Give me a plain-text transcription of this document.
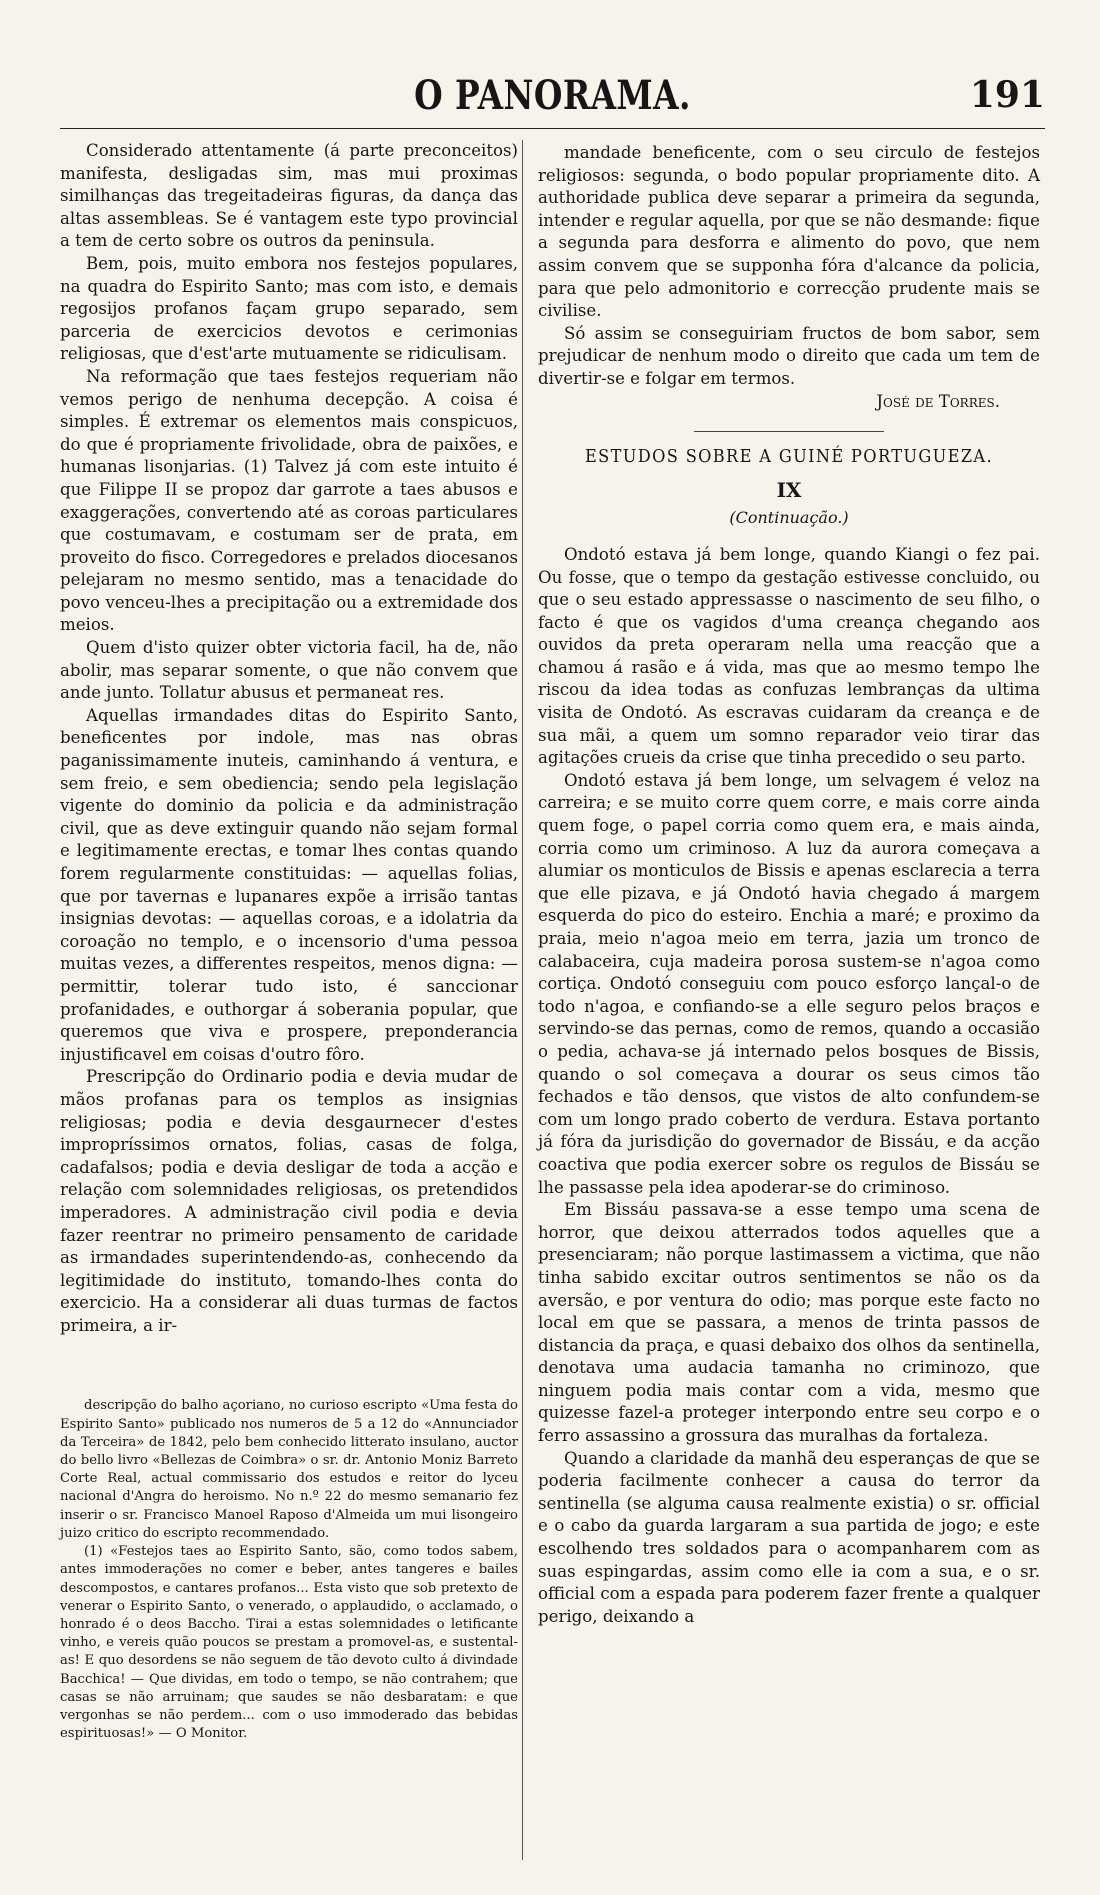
O PANORAMA.	191

Considerado attentamente (á parte preconceitos) manifesta, desligadas sim, mas mui proximas similhanças das tregeitadeiras figuras, da dança das altas assembleas. Se é vantagem este typo provincial a tem de certo sobre os outros da peninsula.

Bem, pois, muito embora nos festejos populares, na quadra do Espirito Santo; mas com isto, e demais regosijos profanos façam grupo separado, sem parceria de exercicios devotos e cerimonias religiosas, que d'est'arte mutuamente se ridiculisam.

Na reformação que taes festejos requeriam não vemos perigo de nenhuma decepção. A coisa é simples. É extremar os elementos mais conspicuos, do que é propriamente frivolidade, obra de paixões, e humanas lisonjarias. (1) Talvez já com este intuito é que Filippe II se propoz dar garrote a taes abusos e exaggerações, convertendo até as coroas particulares que costumavam, e costumam ser de prata, em proveito do fisco. Corregedores e prelados diocesanos pelejaram no mesmo sentido, mas a tenacidade do povo venceu-lhes a precipitação ou a extremidade dos meios.

Quem d'isto quizer obter victoria facil, ha de, não abolir, mas separar somente, o que não convem que ande junto. Tollatur abusus et permaneat res.

Aquellas irmandades ditas do Espirito Santo, beneficentes por indole, mas nas obras paganissimamente inuteis, caminhando á ventura, e sem freio, e sem obediencia; sendo pela legislação vigente do dominio da policia e da administração civil, que as deve extinguir quando não sejam formal e legitimamente erectas, e tomar lhes contas quando forem regularmente constituidas: — aquellas folias, que por tavernas e lupanares expõe a irrisão tantas insignias devotas: — aquellas coroas, e a idolatria da coroação no templo, e o incensorio d'uma pessoa muitas vezes, a differentes respeitos, menos digna: — permittir, tolerar tudo isto, é sanccionar profanidades, e outhorgar á soberania popular, que queremos que viva e prospere, preponderancia injustificavel em coisas d'outro fôro.

Prescripção do Ordinario podia e devia mudar de mãos profanas para os templos as insignias religiosas; podia e devia desgaurnecer d'estes impropríssimos ornatos, folias, casas de folga, cadafalsos; podia e devia desligar de toda a acção e relação com solemnidades religiosas, os pretendidos imperadores. A administração civil podia e devia fazer reentrar no primeiro pensamento de caridade as irmandades superintendendo-as, conhecendo da legitimidade do instituto, tomando-lhes conta do exercicio. Ha a considerar ali duas turmas de factos primeira, a ir-

descripção do balho açoriano, no curioso escripto «Uma festa do Espirito Santo» publicado nos numeros de 5 a 12 do «Annunciador da Terceira» de 1842, pelo bem conhecido litterato insulano, auctor do bello livro «Bellezas de Coimbra» o sr. dr. Antonio Moniz Barreto Corte Real, actual commissario dos estudos e reitor do lyceu nacional d'Angra do heroismo. No n.º 22 do mesmo semanario fez inserir o sr. Francisco Manoel Raposo d'Almeida um mui lisongeiro juizo critico do escripto recommendado.

(1) «Festejos taes ao Espirito Santo, são, como todos sabem, antes immoderações no comer e beber, antes tangeres e bailes descompostos, e cantares profanos... Esta visto que sob pretexto de venerar o Espirito Santo, o venerado, o applaudido, o acclamado, o honrado é o deos Baccho. Tirai a estas solemnidades o letificante vinho, e vereis quão poucos se prestam a promovel-as, e sustental-as! E quo desordens se não seguem de tão devoto culto á divindade Bacchica! — Que dividas, em todo o tempo, se não contrahem; que casas se não arruinam; que saudes se não desbaratam: e que vergonhas se não perdem... com o uso immoderado das bebidas espirituosas!» — O Monitor.

mandade beneficente, com o seu circulo de festejos religiosos: segunda, o bodo popular propriamente dito. A authoridade publica deve separar a primeira da segunda, intender e regular aquella, por que se não desmande: fique a segunda para desforra e alimento do povo, que nem assim convem que se supponha fóra d'alcance da policia, para que pelo admonitorio e correcção prudente mais se civilise.

Só assim se conseguiriam fructos de bom sabor, sem prejudicar de nenhum modo o direito que cada um tem de divertir-se e folgar em termos.

José de Torres.

ESTUDOS SOBRE A GUINÉ PORTUGUEZA.
IX
(Continuação.)

Ondotó estava já bem longe, quando Kiangi o fez pai. Ou fosse, que o tempo da gestação estivesse concluido, ou que o seu estado appressasse o nascimento de seu filho, o facto é que os vagidos d'uma creança chegando aos ouvidos da preta operaram nella uma reacção que a chamou á rasão e á vida, mas que ao mesmo tempo lhe riscou da idea todas as confuzas lembranças da ultima visita de Ondotó. As escravas cuidaram da creança e de sua mãi, a quem um somno reparador veio tirar das agitações crueis da crise que tinha precedido o seu parto.

Ondotó estava já bem longe, um selvagem é veloz na carreira; e se muito corre quem corre, e mais corre ainda quem foge, o papel corria como quem era, e mais ainda, corria como um criminoso. A luz da aurora começava a alumiar os monticulos de Bissis e apenas esclarecia a terra que elle pizava, e já Ondotó havia chegado á margem esquerda do pico do esteiro. Enchia a maré; e proximo da praia, meio n'agoa meio em terra, jazia um tronco de calabaceira, cuja madeira porosa sustem-se n'agoa como cortiça. Ondotó conseguiu com pouco esforço lançal-o de todo n'agoa, e confiando-se a elle seguro pelos braços e servindo-se das pernas, como de remos, quando a occasião o pedia, achava-se já internado pelos bosques de Bissis, quando o sol começava a dourar os seus cimos tão fechados e tão densos, que vistos de alto confundem-se com um longo prado coberto de verdura. Estava portanto já fóra da jurisdição do governador de Bissáu, e da acção coactiva que podia exercer sobre os regulos de Bissáu se lhe passasse pela idea apoderar-se do criminoso.

Em Bissáu passava-se a esse tempo uma scena de horror, que deixou atterrados todos aquelles que a presenciaram; não porque lastimassem a victima, que não tinha sabido excitar outros sentimentos se não os da aversão, e por ventura do odio; mas porque este facto no local em que se passara, a menos de trinta passos de distancia da praça, e quasi debaixo dos olhos da sentinella, denotava uma audacia tamanha no criminozo, que ninguem podia mais contar com a vida, mesmo que quizesse fazel-a proteger interpondo entre seu corpo e o ferro assassino a grossura das muralhas da fortaleza.

Quando a claridade da manhã deu esperanças de que se poderia facilmente conhecer a causa do terror da sentinella (se alguma causa realmente existia) o sr. official e o cabo da guarda largaram a sua partida de jogo; e este escolhendo tres soldados para o acompanharem com as suas espingardas, assim como elle ia com a sua, e o sr. official com a espada para poderem fazer frente a qualquer perigo, deixando a
